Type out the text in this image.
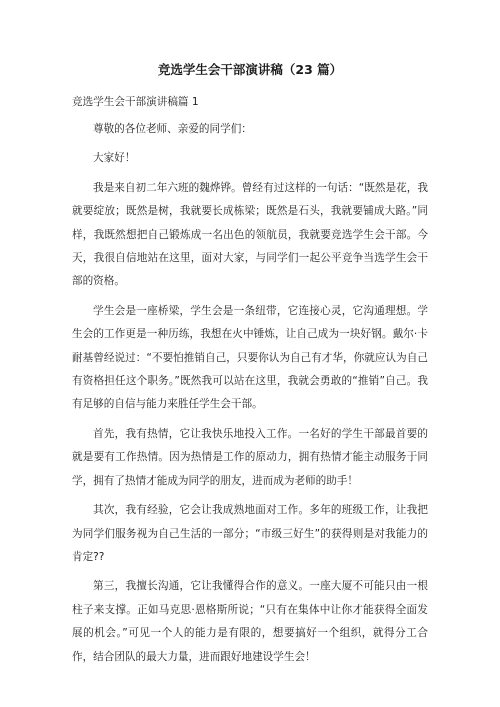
竞选学生会干部演讲稿（23 篇）
竞选学生会干部演讲稿篇 1

尊敬的各位老师、亲爱的同学们：

大家好！

我是来自初二年六班的魏烨铧。曾经有过这样的一句话：“既然是花，我就要绽放；既然是树，我就要长成栋梁；既然是石头，我就要铺成大路。”同样，我既然想把自己锻炼成一名出色的领航员，我就要竞选学生会干部。今天，我很自信地站在这里，面对大家，与同学们一起公平竞争当选学生会干部的资格。

学生会是一座桥梁，学生会是一条纽带，它连接心灵，它沟通理想。学生会的工作更是一种历练，我想在火中锤炼，让自己成为一块好钢。戴尔·卡耐基曾经说过：“不要怕推销自己，只要你认为自己有才华，你就应认为自己有资格担任这个职务。”既然我可以站在这里，我就会勇敢的“推销”自己。我有足够的自信与能力来胜任学生会干部。

首先，我有热情，它让我快乐地投入工作。一名好的学生干部最首要的就是要有工作热情。因为热情是工作的原动力，拥有热情才能主动服务于同学，拥有了热情才能成为同学的朋友，进而成为老师的助手！

其次，我有经验，它会让我成熟地面对工作。多年的班级工作，让我把为同学们服务视为自己生活的一部分；“市级三好生”的获得则是对我能力的肯定??

第三，我擅长沟通，它让我懂得合作的意义。一座大厦不可能只由一根柱子来支撑。正如马克思·恩格斯所说；“只有在集体中让你才能获得全面发展的机会。”可见一个人的能力是有限的，想要搞好一个组织，就得分工合作，结合团队的最大力量，进而跟好地建设学生会！
